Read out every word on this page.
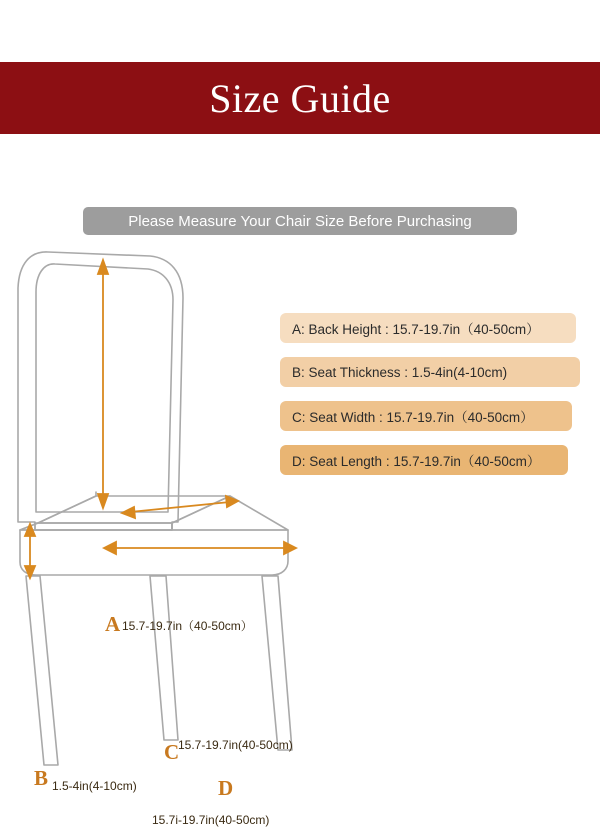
Size Guide
Please Measure Your Chair Size Before Purchasing
A: Back Height : 15.7-19.7in（40-50cm）
B: Seat Thickness : 1.5-4in(4-10cm)
C: Seat Width : 15.7-19.7in（40-50cm）
D: Seat Length : 15.7-19.7in（40-50cm）
A
B
C
D
15.7-19.7in（40-50cm）
1.5-4in(4-10cm)
15.7-19.7in(40-50cm)
15.7i-19.7in(40-50cm)
